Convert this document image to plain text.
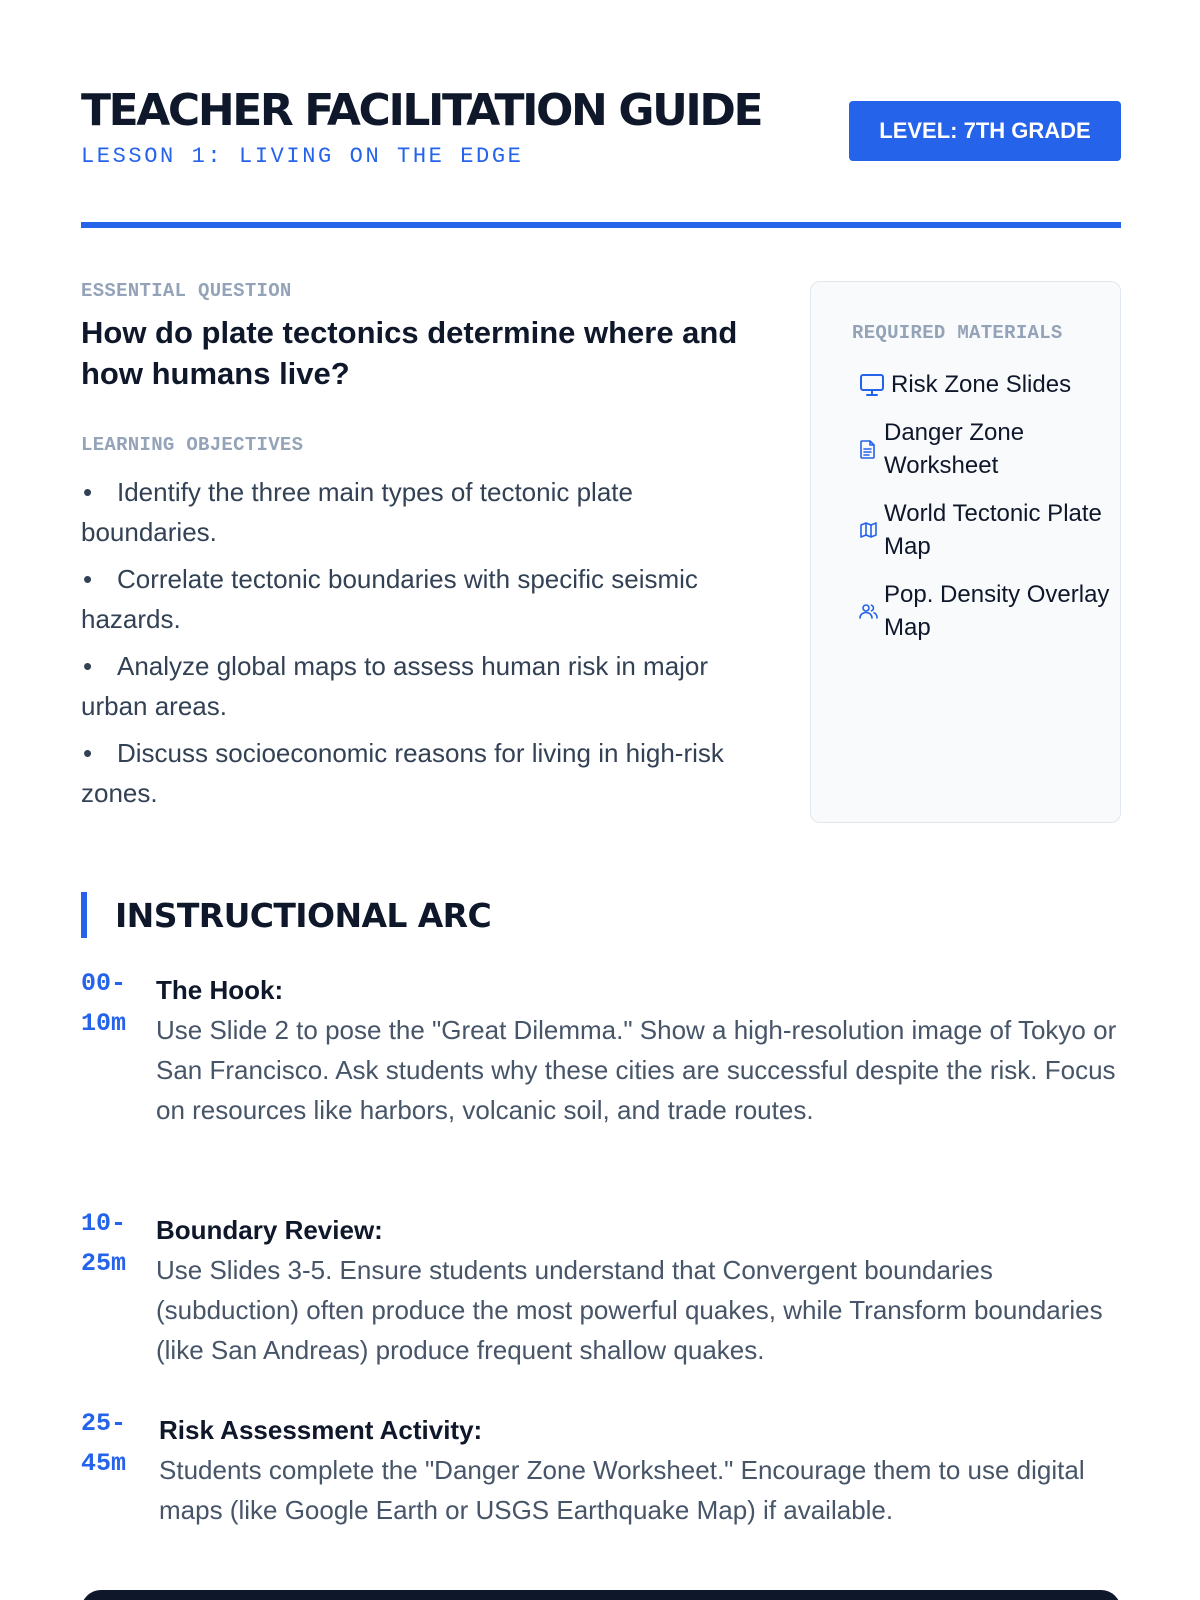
TEACHER FACILITATION GUIDE
LESSON 1: LIVING ON THE EDGE
LEVEL: 7TH GRADE
ESSENTIAL QUESTION
How do plate tectonics determine where and how humans live?
LEARNING OBJECTIVES
• Identify the three main types of tectonic plate boundaries.
• Correlate tectonic boundaries with specific seismic hazards.
• Analyze global maps to assess human risk in major urban areas.
• Discuss socioeconomic reasons for living in high-risk zones.
REQUIRED MATERIALS
Risk Zone Slides
Danger Zone Worksheet
World Tectonic Plate Map
Pop. Density Overlay Map
INSTRUCTIONAL ARC
00-10m
The Hook:
Use Slide 2 to pose the "Great Dilemma." Show a high-resolution image of Tokyo or San Francisco. Ask students why these cities are successful despite the risk. Focus on resources like harbors, volcanic soil, and trade routes.
10-25m
Boundary Review:
Use Slides 3-5. Ensure students understand that Convergent boundaries (subduction) often produce the most powerful quakes, while Transform boundaries (like San Andreas) produce frequent shallow quakes.
25-45m
Risk Assessment Activity:
Students complete the "Danger Zone Worksheet." Encourage them to use digital maps (like Google Earth or USGS Earthquake Map) if available.
